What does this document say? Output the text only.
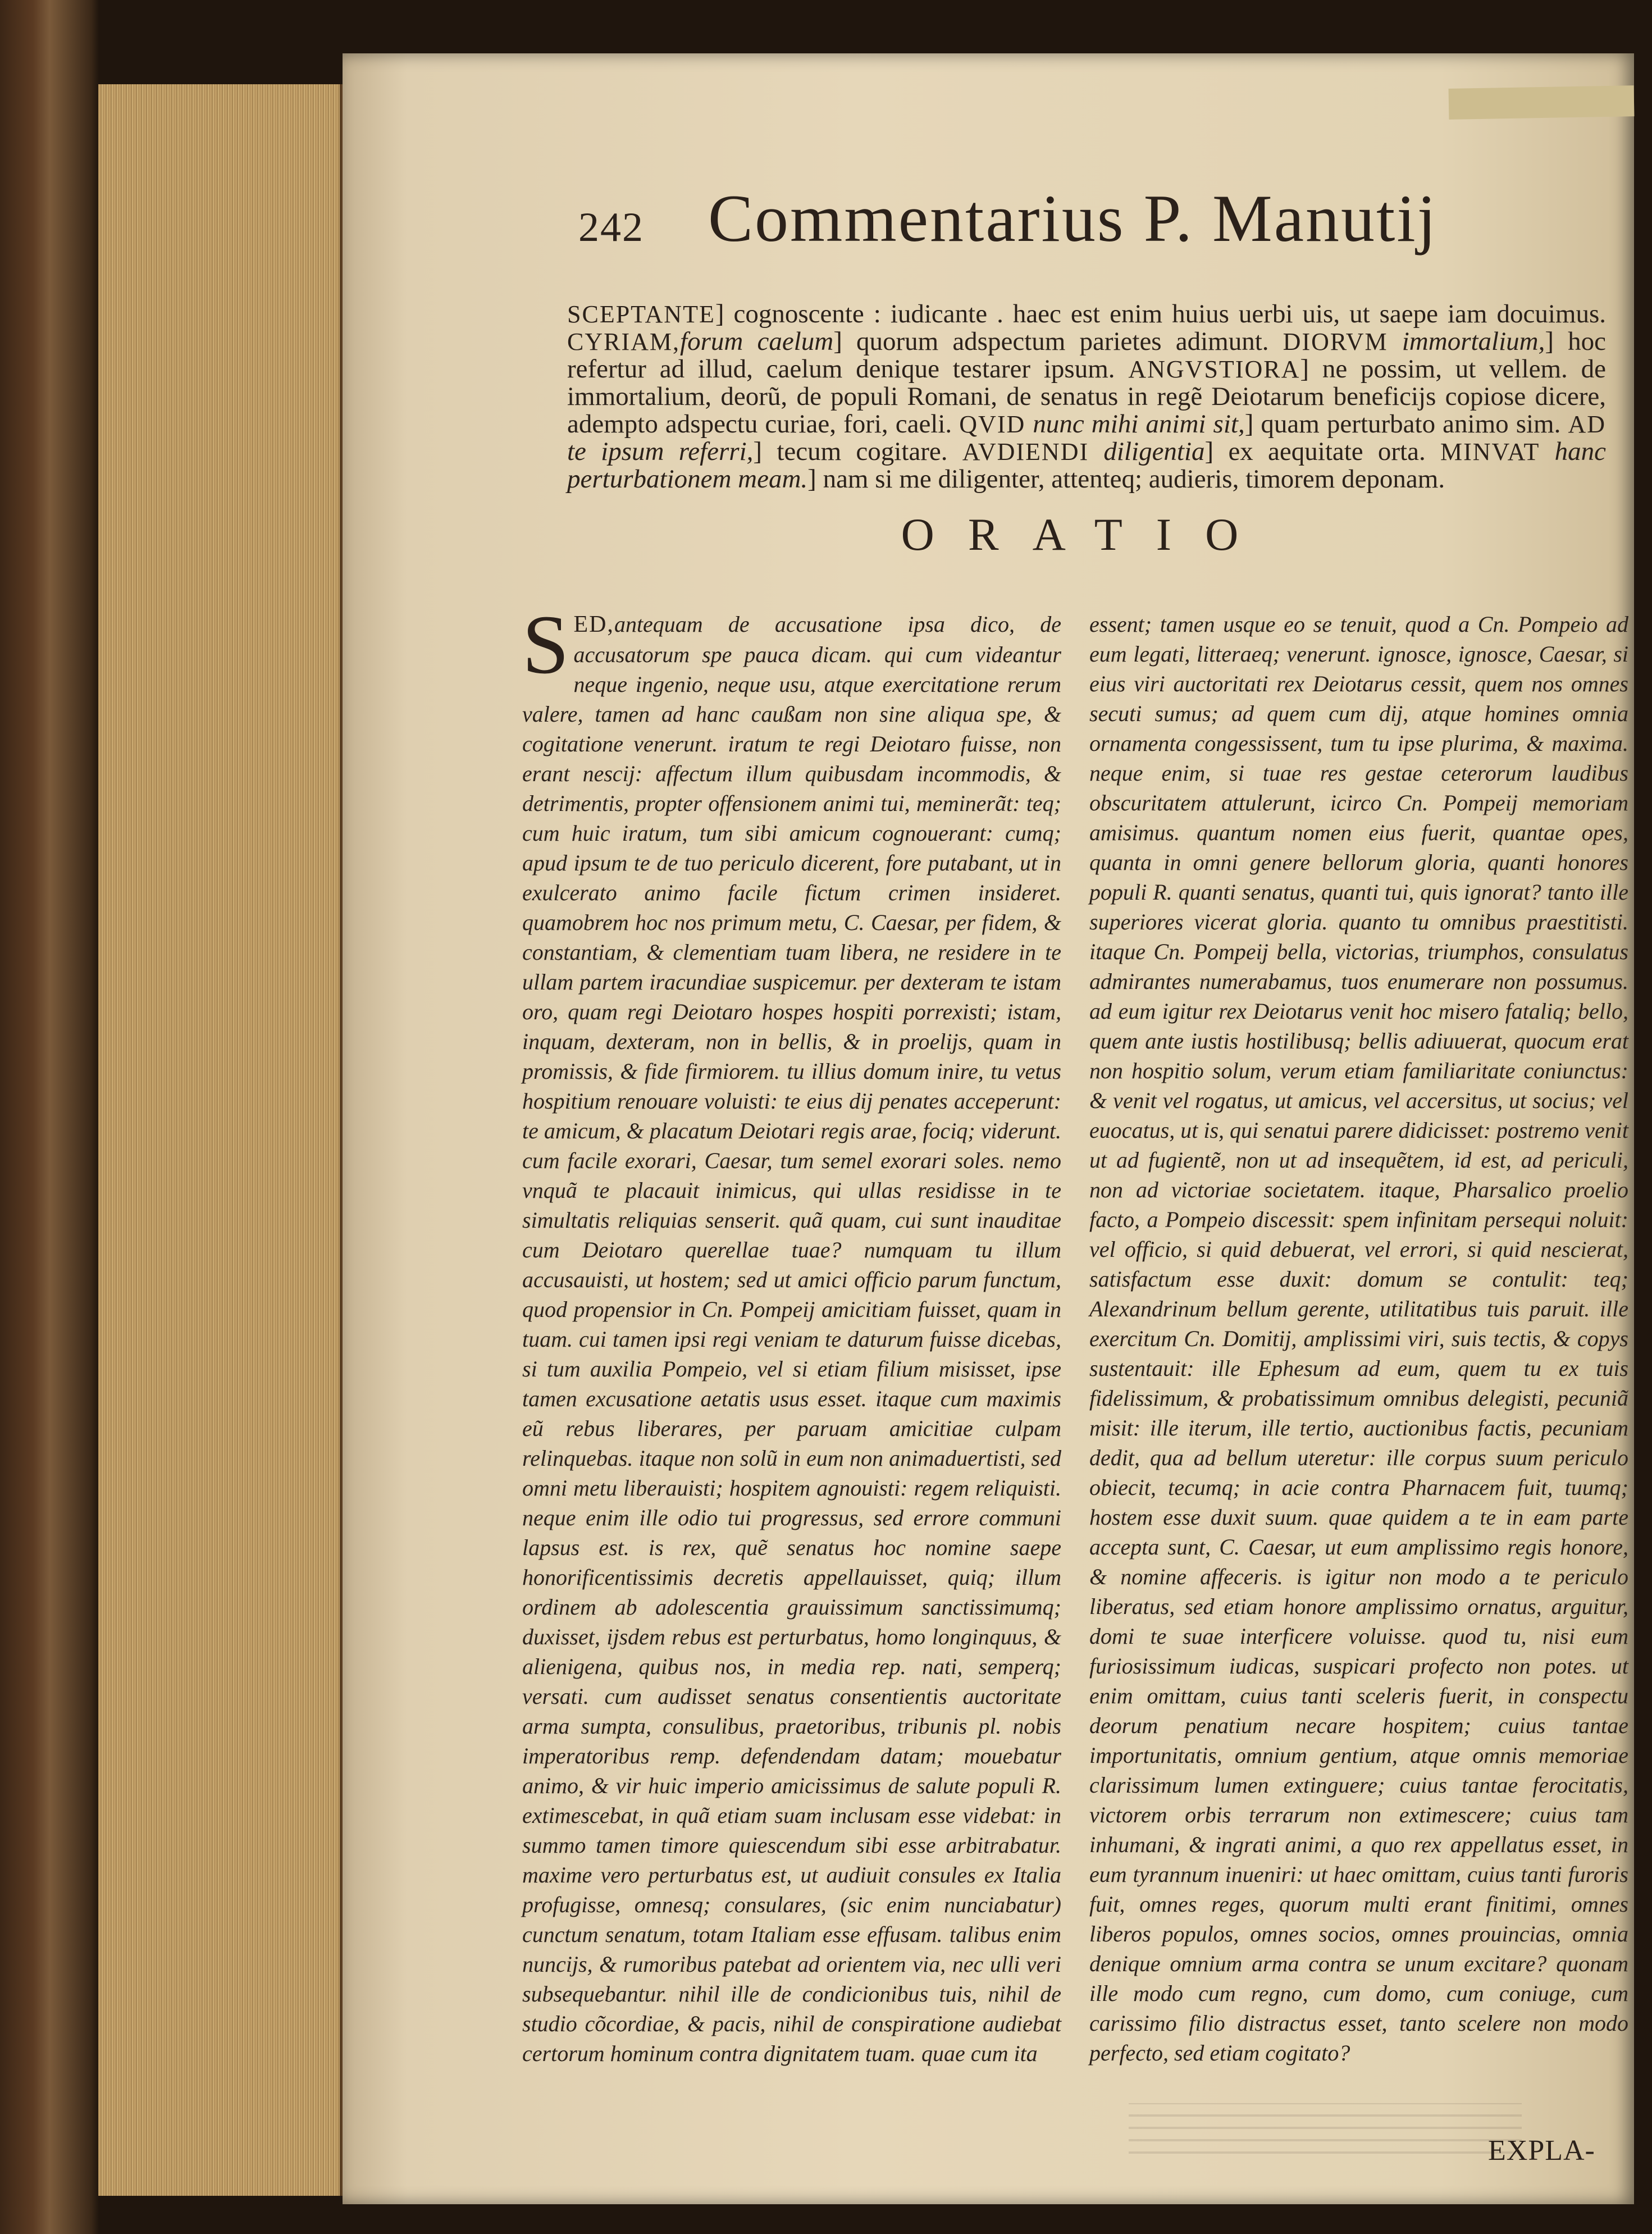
242 Commentarius P. Manutij

SCEPTANTE] cognoscente : iudicante . haec est enim huius uerbi uis, ut saepe iam docuimus. CYRIAM,forum caelum] quorum adspectum parietes adimunt. DIORVM immortalium,] hoc refertur ad illud, caelum denique testarer ipsum. ANGVSTIORA] ne possim, ut vellem. de immortalium, deorũ, de populi Romani, de senatus in regẽ Deiotarum beneficijs copiose dicere, adempto adspectu curiae, fori, caeli. QVID nunc mihi animi sit,] quam perturbato animo sim. AD te ipsum referri,] tecum cogitare. AVDIENDI diligentia] ex aequitate orta. MINVAT hanc perturbationem meam.] nam si me diligenter, attenteq; audieris, timorem deponam.

ORATIO

SED,antequam de accusatione ipsa dico, de accusatorum spe pauca dicam. qui cum videantur neque ingenio, neque usu, atque exercitatione rerum valere, tamen ad hanc caußam non sine aliqua spe, & cogitatione venerunt. iratum te regi Deiotaro fuisse, non erant nescij: affectum illum quibusdam incommodis, & detrimentis, propter offensionem animi tui, meminerãt: teq; cum huic iratum, tum sibi amicum cognouerant: cumq; apud ipsum te de tuo periculo dicerent, fore putabant, ut in exulcerato animo facile fictum crimen insideret. quamobrem hoc nos primum metu, C. Caesar, per fidem, & constantiam, & clementiam tuam libera, ne residere in te ullam partem iracundiae suspicemur. per dexteram te istam oro, quam regi Deiotaro hospes hospiti porrexisti; istam, inquam, dexteram, non in bellis, & in proelijs, quam in promissis, & fide firmiorem. tu illius domum inire, tu vetus hospitium renouare voluisti: te eius dij penates acceperunt: te amicum, & placatum Deiotari regis arae, fociq; viderunt. cum facile exorari, Caesar, tum semel exorari soles. nemo vnquã te placauit inimicus, qui ullas residisse in te simultatis reliquias senserit. quã quam, cui sunt inauditae cum Deiotaro querellae tuae? numquam tu illum accusauisti, ut hostem; sed ut amici officio parum functum, quod propensior in Cn. Pompeij amicitiam fuisset, quam in tuam. cui tamen ipsi regi veniam te daturum fuisse dicebas, si tum auxilia Pompeio, vel si etiam filium misisset, ipse tamen excusatione aetatis usus esset. itaque cum maximis eũ rebus liberares, per paruam amicitiae culpam relinquebas. itaque non solũ in eum non animaduertisti, sed omni metu liberauisti; hospitem agnouisti: regem reliquisti. neque enim ille odio tui progressus, sed errore communi lapsus est. is rex, quẽ senatus hoc nomine saepe honorificentissimis decretis appellauisset, quiq; illum ordinem ab adolescentia grauissimum sanctissimumq; duxisset, ijsdem rebus est perturbatus, homo longinquus, & alienigena, quibus nos, in media rep. nati, semperq; versati. cum audisset senatus consentientis auctoritate arma sumpta, consulibus, praetoribus, tribunis pl. nobis imperatoribus remp. defendendam datam; mouebatur animo, & vir huic imperio amicissimus de salute populi R. extimescebat, in quã etiam suam inclusam esse videbat: in summo tamen timore quiescendum sibi esse arbitrabatur. maxime vero perturbatus est, ut audiuit consules ex Italia profugisse, omnesq; consulares, (sic enim nunciabatur) cunctum senatum, totam Italiam esse effusam. talibus enim nuncijs, & rumoribus patebat ad orientem via, nec ulli veri subsequebantur. nihil ille de condicionibus tuis, nihil de studio cõcordiae, & pacis, nihil de conspiratione audiebat certorum hominum contra dignitatem tuam. quae cum ita

essent; tamen usque eo se tenuit, quod a Cn. Pompeio ad eum legati, litteraeq; venerunt. ignosce, ignosce, Caesar, si eius viri auctoritati rex Deiotarus cessit, quem nos omnes secuti sumus; ad quem cum dij, atque homines omnia ornamenta congessissent, tum tu ipse plurima, & maxima. neque enim, si tuae res gestae ceterorum laudibus obscuritatem attulerunt, icirco Cn. Pompeij memoriam amisimus. quantum nomen eius fuerit, quantae opes, quanta in omni genere bellorum gloria, quanti honores populi R. quanti senatus, quanti tui, quis ignorat? tanto ille superiores vicerat gloria. quanto tu omnibus praestitisti. itaque Cn. Pompeij bella, victorias, triumphos, consulatus admirantes numerabamus, tuos enumerare non possumus. ad eum igitur rex Deiotarus venit hoc misero fataliq; bello, quem ante iustis hostilibusq; bellis adiuuerat, quocum erat non hospitio solum, verum etiam familiaritate coniunctus: & venit vel rogatus, ut amicus, vel accersitus, ut socius; vel euocatus, ut is, qui senatui parere didicisset: postremo venit ut ad fugientẽ, non ut ad insequẽtem, id est, ad periculi, non ad victoriae societatem. itaque, Pharsalico proelio facto, a Pompeio discessit: spem infinitam persequi noluit: vel officio, si quid debuerat, vel errori, si quid nescierat, satisfactum esse duxit: domum se contulit: teq; Alexandrinum bellum gerente, utilitatibus tuis paruit. ille exercitum Cn. Domitij, amplissimi viri, suis tectis, & copys sustentauit: ille Ephesum ad eum, quem tu ex tuis fidelissimum, & probatissimum omnibus delegisti, pecuniã misit: ille iterum, ille tertio, auctionibus factis, pecuniam dedit, qua ad bellum uteretur: ille corpus suum periculo obiecit, tecumq; in acie contra Pharnacem fuit, tuumq; hostem esse duxit suum. quae quidem a te in eam parte accepta sunt, C. Caesar, ut eum amplissimo regis honore, & nomine affeceris. is igitur non modo a te periculo liberatus, sed etiam honore amplissimo ornatus, arguitur, domi te suae interficere voluisse. quod tu, nisi eum furiosissimum iudicas, suspicari profecto non potes. ut enim omittam, cuius tanti sceleris fuerit, in conspectu deorum penatium necare hospitem; cuius tantae importunitatis, omnium gentium, atque omnis memoriae clarissimum lumen extinguere; cuius tantae ferocitatis, victorem orbis terrarum non extimescere; cuius tam inhumani, & ingrati animi, a quo rex appellatus esset, in eum tyrannum inueniri: ut haec omittam, cuius tanti furoris fuit, omnes reges, quorum multi erant finitimi, omnes liberos populos, omnes socios, omnes prouincias, omnia denique omnium arma contra se unum excitare? quonam ille modo cum regno, cum domo, cum coniuge, cum carissimo filio distractus esset, tanto scelere non modo perfecto, sed etiam cogitato?

EXPLA-
